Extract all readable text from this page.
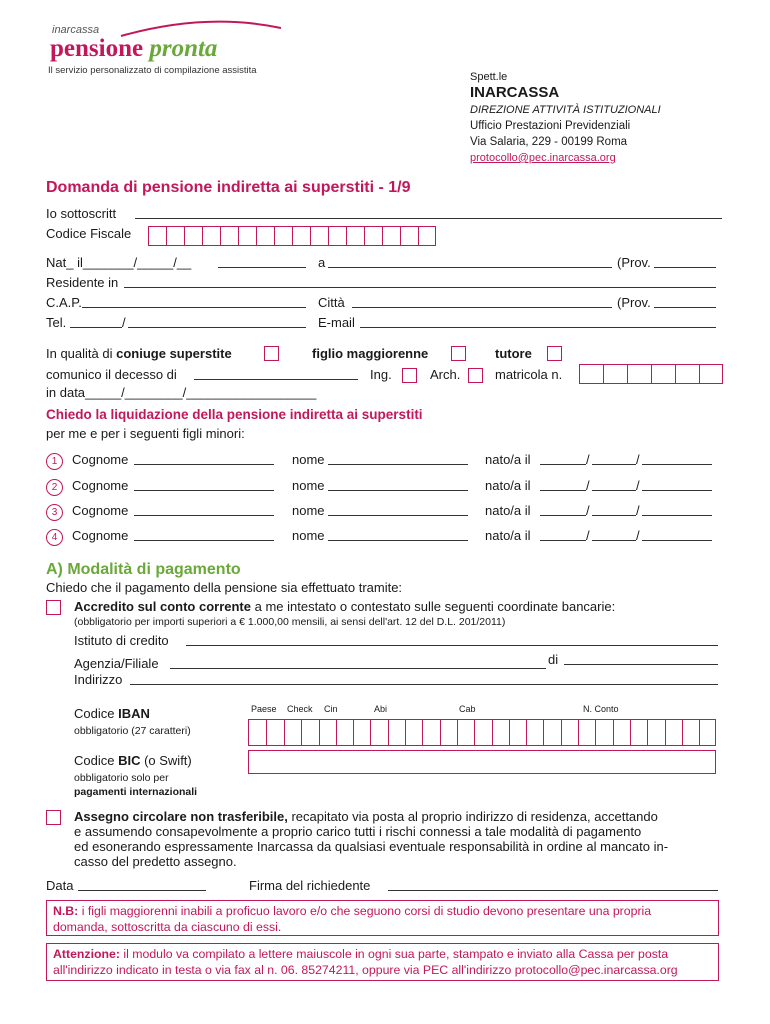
inarcassa
pensione pronta
Il servizio personalizzato di compilazione assistita
Spett.le
INARCASSA
DIREZIONE ATTIVITÀ ISTITUZIONALI
Ufficio Prestazioni Previdenziali
Via Salaria, 229 - 00199 Roma
protocollo@pec.inarcassa.org
Domanda di pensione indiretta ai superstiti - 1/9
Io sottoscritt
Codice Fiscale
Nat_ il_______/_____/__	a	(Prov.
Residente in
C.A.P.	Città	(Prov.
Tel.	/	E-mail
In qualità di coniuge superstite	figlio maggiorenne	tutore
comunico il decesso di	Ing.	Arch.	matricola n.
in data_____/________/__________________
Chiedo la liquidazione della pensione indiretta ai superstiti
per me e per i seguenti figli minori:
1	Cognome	nome	nato/a il	/	/
2	Cognome	nome	nato/a il	/	/
3	Cognome	nome	nato/a il	/	/
4	Cognome	nome	nato/a il	/	/
A) Modalità di pagamento
Chiedo che il pagamento della pensione sia effettuato tramite:
Accredito sul conto corrente a me intestato o contestato sulle seguenti coordinate bancarie:
(obbligatorio per importi superiori a € 1.000,00 mensili, ai sensi dell'art. 12 del D.L. 201/2011)
Istituto di credito
Agenzia/Filiale	di
Indirizzo
Paese Check Cin	Abi	Cab	N. Conto
Codice IBAN
obbligatorio (27 caratteri)
Codice BIC (o Swift)
obbligatorio solo per
pagamenti internazionali
Assegno circolare non trasferibile, recapitato via posta al proprio indirizzo di residenza, accettando
e assumendo consapevolmente a proprio carico tutti i rischi connessi a tale modalità di pagamento
ed esonerando espressamente Inarcassa da qualsiasi eventuale responsabilità in ordine al mancato in-
casso del predetto assegno.
Data	Firma del richiedente
N.B: i figli maggiorenni inabili a proficuo lavoro e/o che seguono corsi di studio devono presentare una propria
domanda, sottoscritta da ciascuno di essi.
Attenzione: il modulo va compilato a lettere maiuscole in ogni sua parte, stampato e inviato alla Cassa per posta
all'indirizzo indicato in testa o via fax al n. 06. 85274211, oppure via PEC all'indirizzo protocollo@pec.inarcassa.org
